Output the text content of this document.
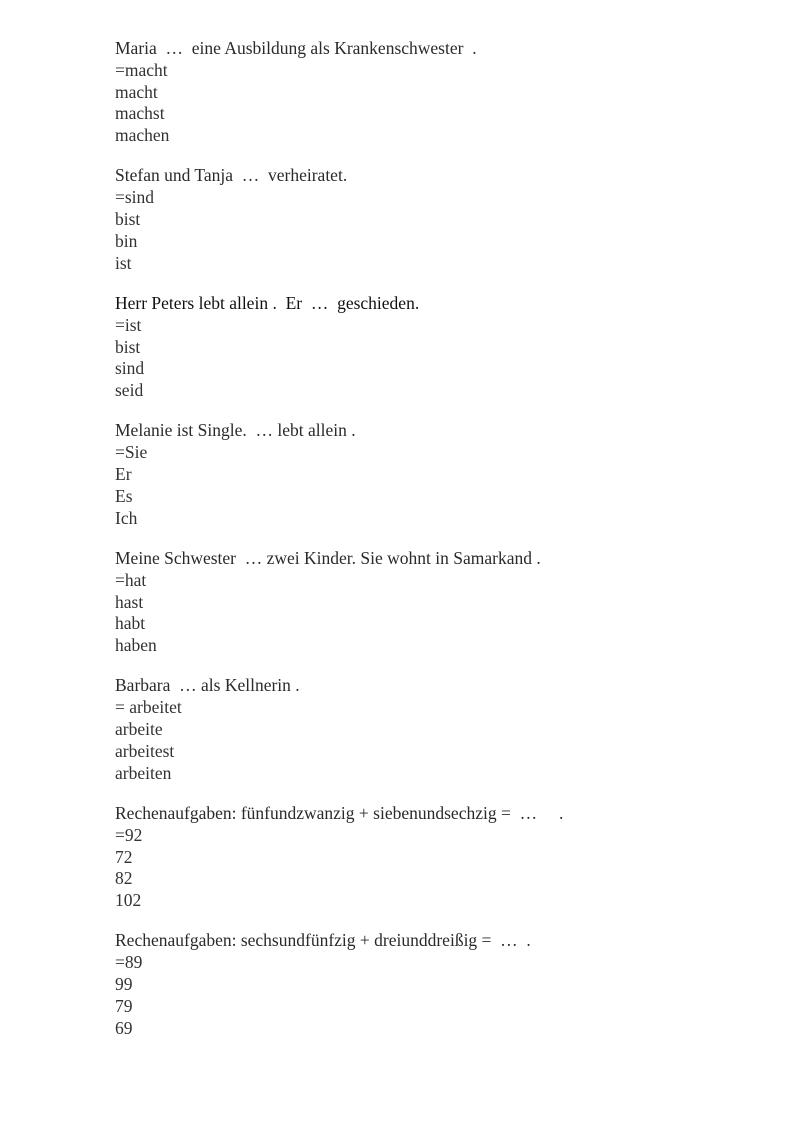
Maria  …  eine Ausbildung als Krankenschwester  .
=macht
macht
machst
machen
Stefan und Tanja  …  verheiratet.
=sind
bist
bin
ist
Herr Peters lebt allein .  Er  …  geschieden.
=ist
bist
sind
seid
Melanie ist Single.  … lebt allein .
=Sie
Er
Es
Ich
Meine Schwester  … zwei Kinder. Sie wohnt in Samarkand .
=hat
hast
habt
haben
Barbara  … als Kellnerin .
= arbeitet
arbeite
arbeitest
arbeiten
Rechenaufgaben: fünfundzwanzig + siebenundsechzig =  …     .
=92
72
82
102
Rechenaufgaben: sechsundfünfzig + dreiunddreißig =  …  .
=89
99
79
69
